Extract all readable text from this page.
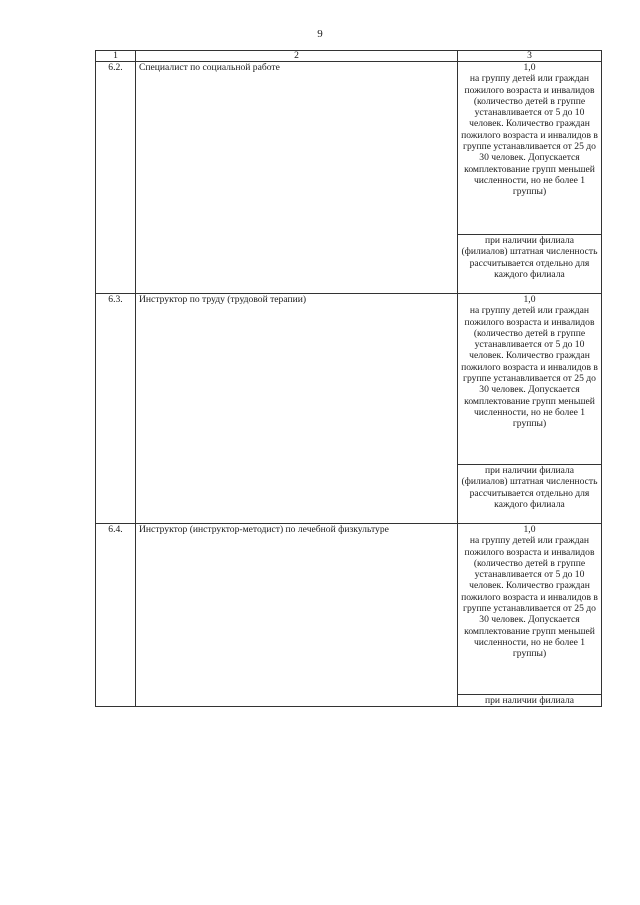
9
1	2	3
6.2.	Специалист по социальной работе	1,0
на группу детей или граждан пожилого возраста и инвалидов (количество детей в группе устанавливается от 5 до 10 человек. Количество граждан пожилого возраста и инвалидов в группе устанавливается от 25 до 30 человек. Допускается комплектование групп меньшей численности, но не более 1 группы)

		при наличии филиала (филиалов) штатная численность рассчитывается отдельно для каждого филиала
6.3.	Инструктор по труду (трудовой терапии)	1,0
на группу детей или граждан пожилого возраста и инвалидов (количество детей в группе устанавливается от 5 до 10 человек. Количество граждан пожилого возраста и инвалидов в группе устанавливается от 25 до 30 человек. Допускается комплектование групп меньшей численности, но не более 1 группы)

		при наличии филиала (филиалов) штатная численность рассчитывается отдельно для каждого филиала
6.4.	Инструктор (инструктор-методист) по лечебной физкультуре	1,0
на группу детей или граждан пожилого возраста и инвалидов (количество детей в группе устанавливается от 5 до 10 человек. Количество граждан пожилого возраста и инвалидов в группе устанавливается от 25 до 30 человек. Допускается комплектование групп меньшей численности, но не более 1 группы)

		при наличии филиала
